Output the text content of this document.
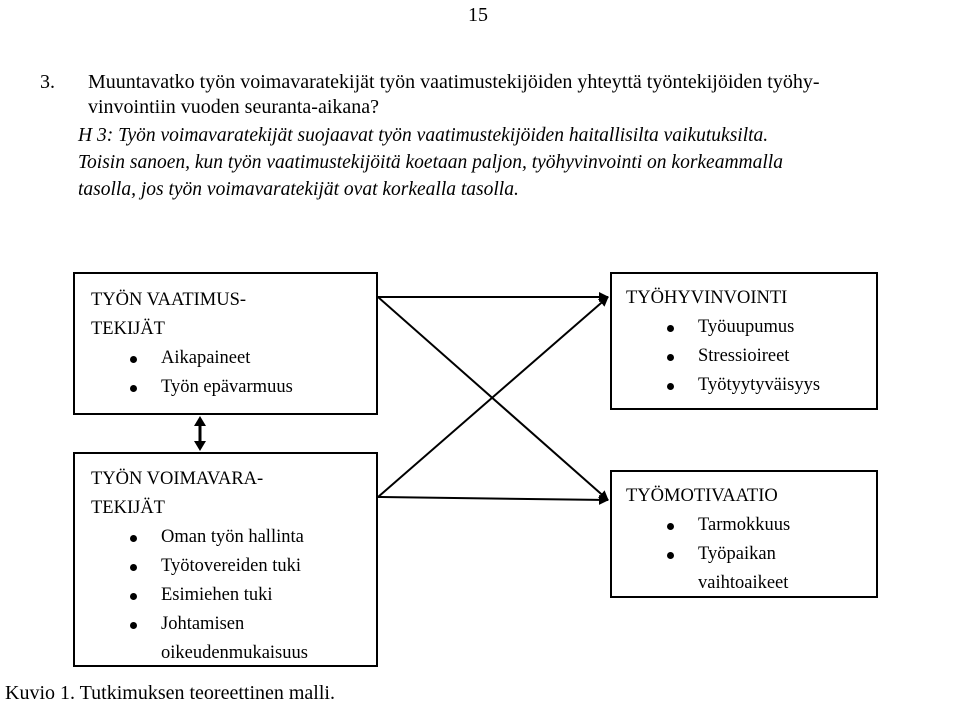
15
3. Muuntavatko työn voimavaratekijät työn vaatimustekijöiden yhteyttä työntekijöiden työhy-
vinvointiin vuoden seuranta-aikana?
H 3: Työn voimavaratekijät suojaavat työn vaatimustekijöiden haitallisilta vaikutuksilta.
Toisin sanoen, kun työn vaatimustekijöitä koetaan paljon, työhyvinvointi on korkeammalla
tasolla, jos työn voimavaratekijät ovat korkealla tasolla.
TYÖN VAATIMUS-
TEKIJÄT
Aikapaineet
Työn epävarmuus
TYÖHYVINVOINTI
Työuupumus
Stressioireet
Työtyytyväisyys
TYÖN VOIMAVARA-
TEKIJÄT
Oman työn hallinta
Työtovereiden tuki
Esimiehen tuki
Johtamisen
oikeudenmukaisuus
TYÖMOTIVAATIO
Tarmokkuus
Työpaikan
vaihtoaikeet
Kuvio 1. Tutkimuksen teoreettinen malli.
